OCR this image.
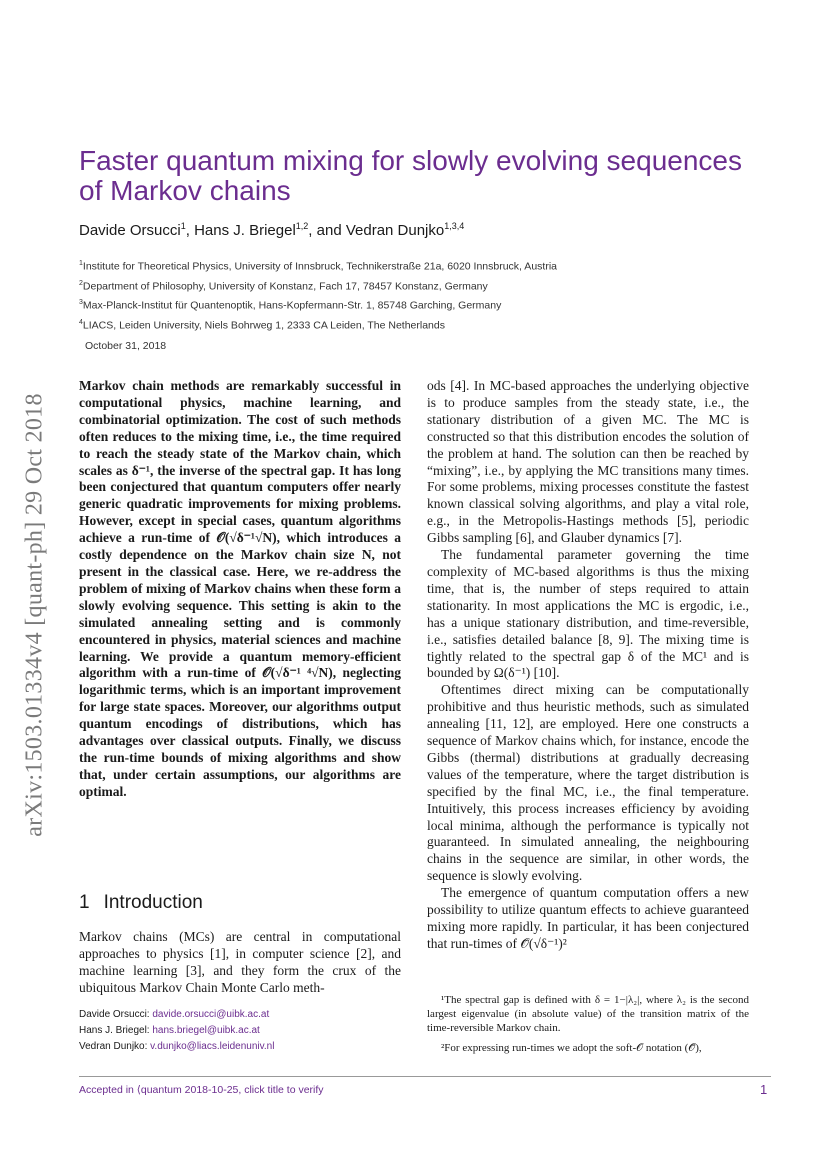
arXiv:1503.01334v4 [quant-ph] 29 Oct 2018
Faster quantum mixing for slowly evolving sequences of Markov chains
Davide Orsucci$^1$, Hans J. Briegel$^{1,2}$, and Vedran Dunjko$^{1,3,4}$
$^1$Institute for Theoretical Physics, University of Innsbruck, Technikerstraße 21a, 6020 Innsbruck, Austria
$^2$Department of Philosophy, University of Konstanz, Fach 17, 78457 Konstanz, Germany
$^3$Max-Planck-Institut für Quantenoptik, Hans-Kopfermann-Str. 1, 85748 Garching, Germany
$^4$LIACS, Leiden University, Niels Bohrweg 1, 2333 CA Leiden, The Netherlands
October 31, 2018
Markov chain methods are remarkably successful in computational physics, machine learning, and combinatorial optimization. The cost of such methods often reduces to the mixing time, i.e., the time required to reach the steady state of the Markov chain, which scales as δ⁻¹, the inverse of the spectral gap. It has long been conjectured that quantum computers offer nearly generic quadratic improvements for mixing problems. However, except in special cases, quantum algorithms achieve a run-time of 𝒪(√δ⁻¹√N), which introduces a costly dependence on the Markov chain size N, not present in the classical case. Here, we re-address the problem of mixing of Markov chains when these form a slowly evolving sequence. This setting is akin to the simulated annealing setting and is commonly encountered in physics, material sciences and machine learning. We provide a quantum memory-efficient algorithm with a run-time of 𝒪(√δ⁻¹ ⁴√N), neglecting logarithmic terms, which is an important improvement for large state spaces. Moreover, our algorithms output quantum encodings of distributions, which has advantages over classical outputs. Finally, we discuss the run-time bounds of mixing algorithms and show that, under certain assumptions, our algorithms are optimal.
1 Introduction
Markov chains (MCs) are central in computational approaches to physics [1], in computer science [2], and machine learning [3], and they form the crux of the ubiquitous Markov Chain Monte Carlo meth-
Davide Orsucci: davide.orsucci@uibk.ac.at
Hans J. Briegel: hans.briegel@uibk.ac.at
Vedran Dunjko: v.dunjko@liacs.leidenuniv.nl

ods [4]. In MC-based approaches the underlying objective is to produce samples from the steady state, i.e., the stationary distribution of a given MC. The MC is constructed so that this distribution encodes the solution of the problem at hand. The solution can then be reached by “mixing”, i.e., by applying the MC transitions many times. For some problems, mixing processes constitute the fastest known classical solving algorithms, and play a vital role, e.g., in the Metropolis-Hastings methods [5], periodic Gibbs sampling [6], and Glauber dynamics [7].

The fundamental parameter governing the time complexity of MC-based algorithms is thus the mixing time, that is, the number of steps required to attain stationarity. In most applications the MC is ergodic, i.e., has a unique stationary distribution, and time-reversible, i.e., satisfies detailed balance [8, 9]. The mixing time is tightly related to the spectral gap δ of the MC¹ and is bounded by Ω(δ⁻¹) [10].

Oftentimes direct mixing can be computationally prohibitive and thus heuristic methods, such as simulated annealing [11, 12], are employed. Here one constructs a sequence of Markov chains which, for instance, encode the Gibbs (thermal) distributions at gradually decreasing values of the temperature, where the target distribution is specified by the final MC, i.e., the final temperature. Intuitively, this process increases efficiency by avoiding local minima, although the performance is typically not guaranteed. In simulated annealing, the neighbouring chains in the sequence are similar, in other words, the sequence is slowly evolving.

The emergence of quantum computation offers a new possibility to utilize quantum effects to achieve guaranteed mixing more rapidly. In particular, it has been conjectured that run-times of 𝒪̃(√δ⁻¹)²

¹The spectral gap is defined with δ = 1−|λ₂|, where λ₂ is the second largest eigenvalue (in absolute value) of the transition matrix of the time-reversible Markov chain.

²For expressing run-times we adopt the soft-𝒪 notation (𝒪̃),

Accepted in ⟨quantum 2018-10-25, click title to verify	1
